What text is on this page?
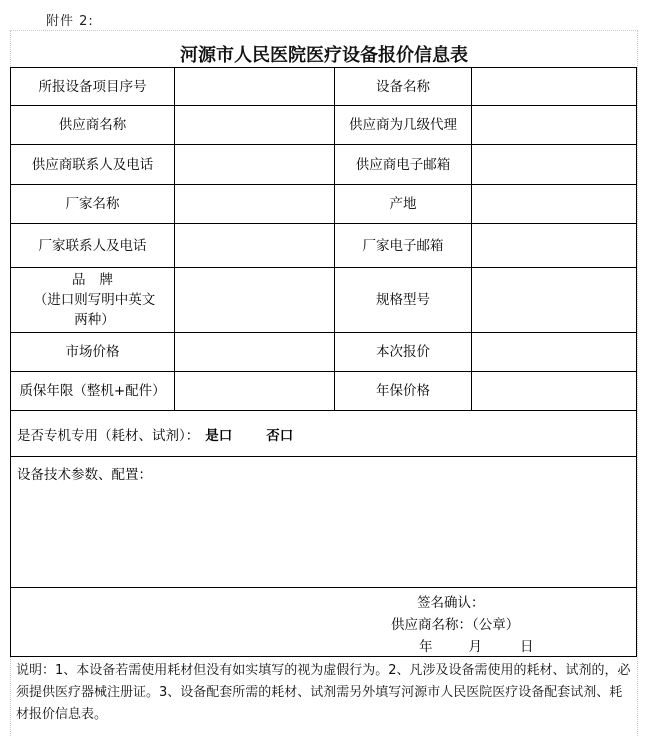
附件 2:
河源市人民医院医疗设备报价信息表
所报设备项目序号		设备名称	
供应商名称		供应商为几级代理	
供应商联系人及电话		供应商电子邮箱	
厂家名称		产地	
厂家联系人及电话		厂家电子邮箱	

品牌
（进口则写明中英文两种）		规格型号	
市场价格		本次报价	
质保年限（整机+配件）		年保价格	
是否专机专用（耗材、试剂）： 是口 否口			
设备技术参数、配置：			

签名确认：
供应商名称：（公章）
年 月 日			
说明：1、本设备若需使用耗材但没有如实填写的视为虚假行为。2、凡涉及设备需使用的耗材、试剂的，必须提供医疗器械注册证。3、设备配套所需的耗材、试剂需另外填写河源市人民医院医疗设备配套试剂、耗材报价信息表。
